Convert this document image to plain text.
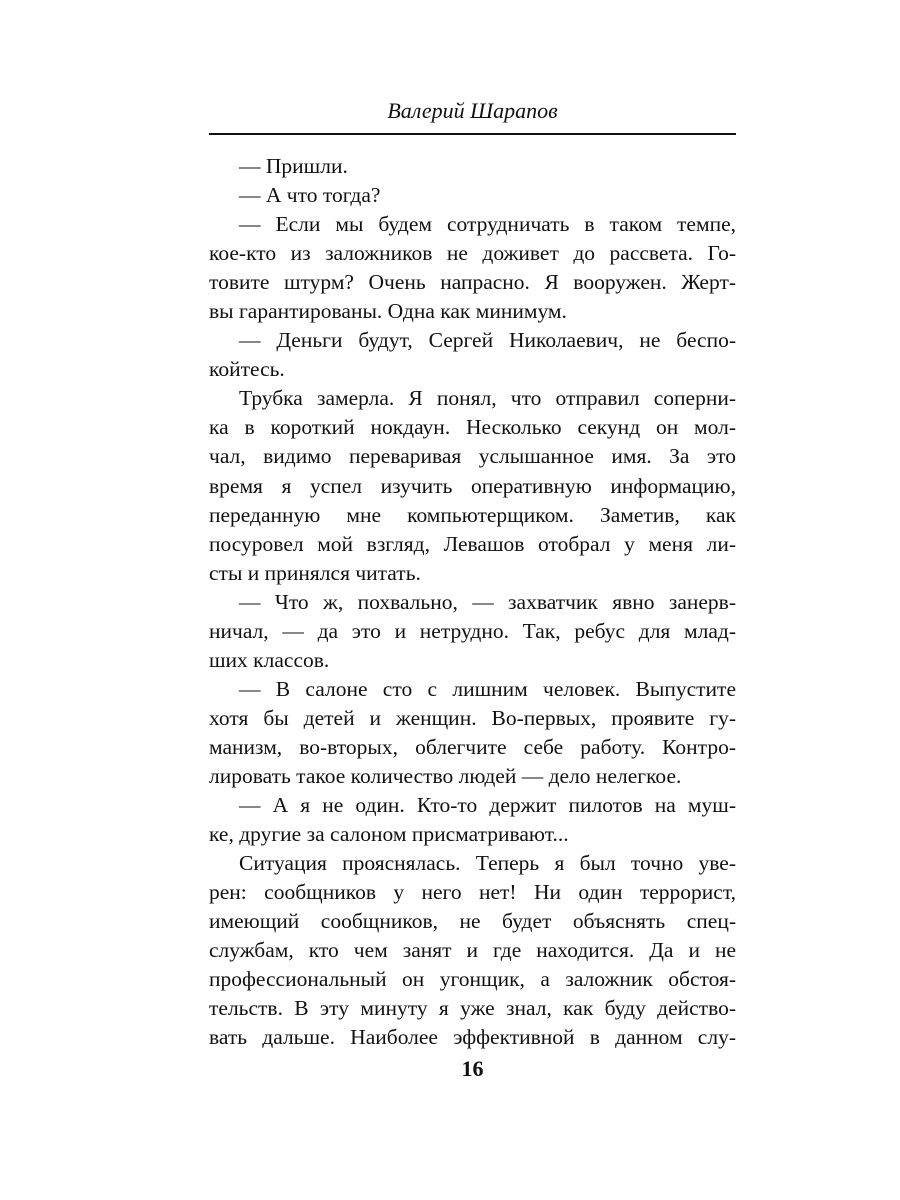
Валерий Шарапов
— Пришли.
— А что тогда?
— Если мы будем сотрудничать в таком темпе,
кое-кто из заложников не доживет до рассвета. Го-
товите штурм? Очень напрасно. Я вооружен. Жерт-
вы гарантированы. Одна как минимум.
— Деньги будут, Сергей Николаевич, не беспо-
койтесь.
Трубка замерла. Я понял, что отправил соперни-
ка в короткий нокдаун. Несколько секунд он мол-
чал, видимо переваривая услышанное имя. За это
время я успел изучить оперативную информацию,
переданную мне компьютерщиком. Заметив, как
посуровел мой взгляд, Левашов отобрал у меня ли-
сты и принялся читать.
— Что ж, похвально, — захватчик явно занерв-
ничал, — да это и нетрудно. Так, ребус для млад-
ших классов.
— В салоне сто с лишним человек. Выпустите
хотя бы детей и женщин. Во-первых, проявите гу-
манизм, во-вторых, облегчите себе работу. Контро-
лировать такое количество людей — дело нелегкое.
— А я не один. Кто-то держит пилотов на муш-
ке, другие за салоном присматривают...
Ситуация прояснялась. Теперь я был точно уве-
рен: сообщников у него нет! Ни один террорист,
имеющий сообщников, не будет объяснять спец-
службам, кто чем занят и где находится. Да и не
профессиональный он угонщик, а заложник обстоя-
тельств. В эту минуту я уже знал, как буду действо-
вать дальше. Наиболее эффективной в данном слу-
16
